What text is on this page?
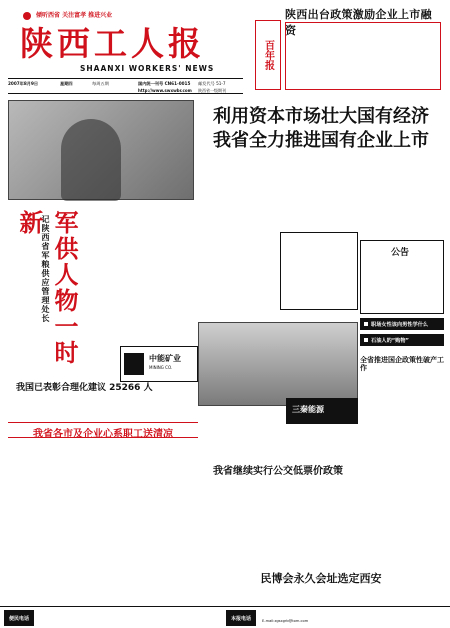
倾听西省 关注富孝 推进兴业
陕西工人报
SHAANXI WORKERS' NEWS
2007年8月9日	星期四	每周五期	国内统一刊号 CN61-0015 邮发代号 51-7
http://www.swxwbr.com 陕西省一级期刊
陕西出台政策激励企业上市融资
百年报
利用资本市场壮大国有经济
我省全力推进国有企业上市
军供人物一时新
记陕西省军粮供应管理处长
中能矿业
MINING CO.
公告
职场女性该向男性学什么
石油人的“购物”
全省推进国企政策性破产工作
三秦能源
我国已表彰合理化建议 25266 人
我省各市及企业心系职工送清凉
我省继续实行公交低票价政策
民博会永久会址选定西安
便民电话	本报电话	E-mail:zgsxgrb@tom.com
